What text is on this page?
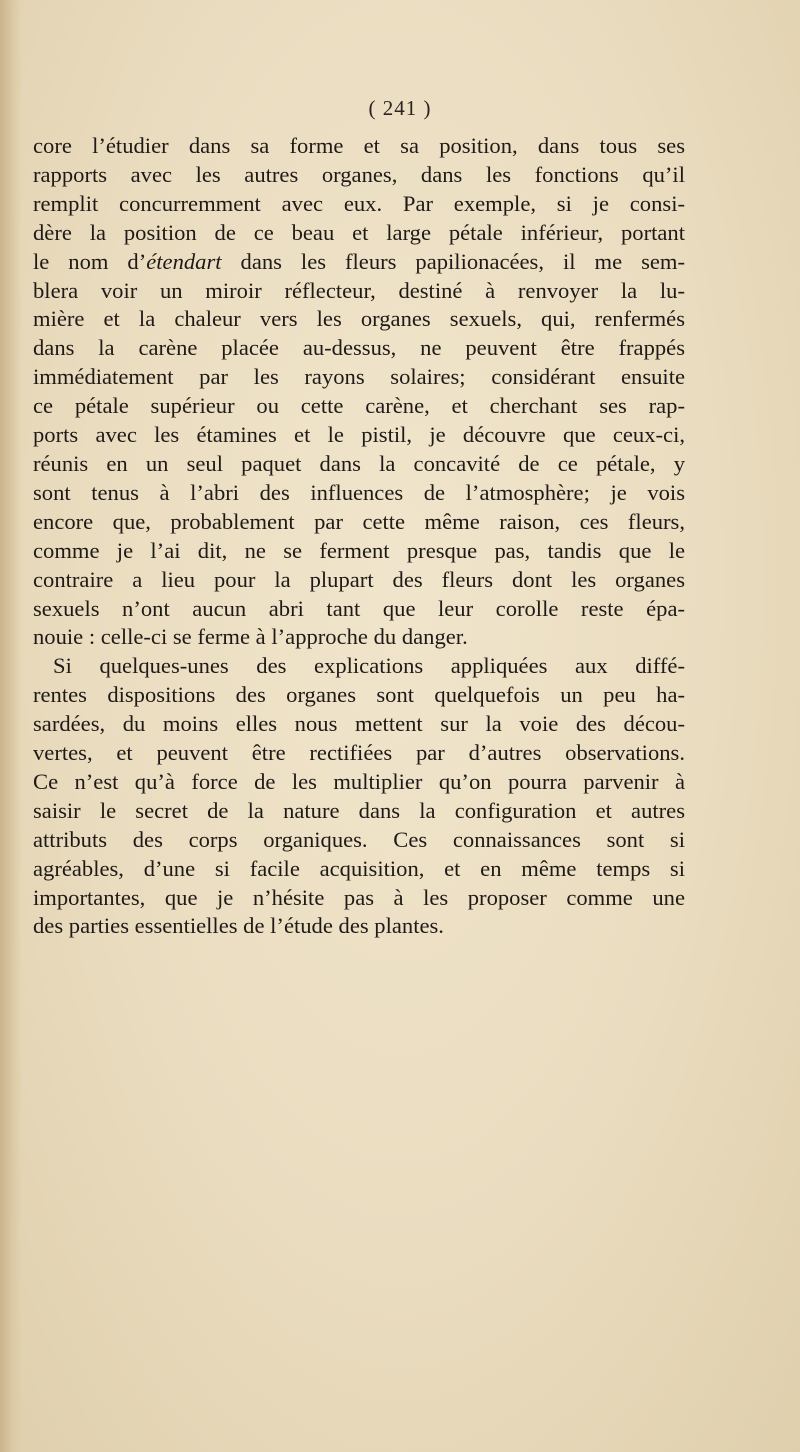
( 241 )
core l’étudier dans sa forme et sa position, dans tous ses
rapports avec les autres organes, dans les fonctions qu’il
remplit concurremment avec eux. Par exemple, si je consi-
dère la position de ce beau et large pétale inférieur, portant
le nom d’étendart dans les fleurs papilionacées, il me sem-
blera voir un miroir réflecteur, destiné à renvoyer la lu-
mière et la chaleur vers les organes sexuels, qui, renfermés
dans la carène placée au-dessus, ne peuvent être frappés
immédiatement par les rayons solaires; considérant ensuite
ce pétale supérieur ou cette carène, et cherchant ses rap-
ports avec les étamines et le pistil, je découvre que ceux-ci,
réunis en un seul paquet dans la concavité de ce pétale, y
sont tenus à l’abri des influences de l’atmosphère; je vois
encore que, probablement par cette même raison, ces fleurs,
comme je l’ai dit, ne se ferment presque pas, tandis que le
contraire a lieu pour la plupart des fleurs dont les organes
sexuels n’ont aucun abri tant que leur corolle reste épa-
nouie : celle-ci se ferme à l’approche du danger.
Si quelques-unes des explications appliquées aux diffé-
rentes dispositions des organes sont quelquefois un peu ha-
sardées, du moins elles nous mettent sur la voie des décou-
vertes, et peuvent être rectifiées par d’autres observations.
Ce n’est qu’à force de les multiplier qu’on pourra parvenir à
saisir le secret de la nature dans la configuration et autres
attributs des corps organiques. Ces connaissances sont si
agréables, d’une si facile acquisition, et en même temps si
importantes, que je n’hésite pas à les proposer comme une
des parties essentielles de l’étude des plantes.
